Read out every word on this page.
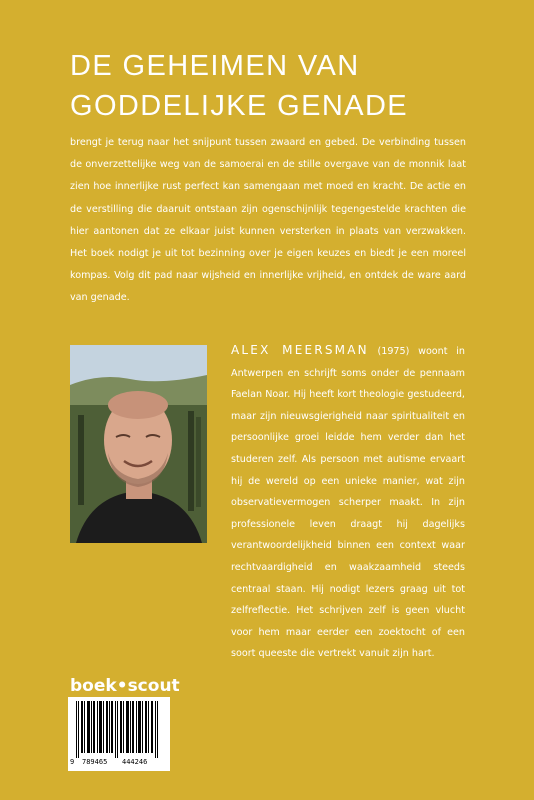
DE GEHEIMEN VAN
GODDELIJKE GENADE

brengt je terug naar het snijpunt tussen zwaard en gebed. De verbinding tussen de onverzettelijke weg van de samoerai en de stille overgave van de monnik laat zien hoe innerlijke rust perfect kan samengaan met moed en kracht. De actie en de verstilling die daaruit ontstaan zijn ogenschijnlijk tegengestelde krachten die hier aantonen dat ze elkaar juist kunnen versterken in plaats van verzwakken. Het boek nodigt je uit tot bezinning over je eigen keuzes en biedt je een moreel kompas. Volg dit pad naar wijsheid en innerlijke vrijheid, en ontdek de ware aard van genade.

ALEX MEERSMAN (1975) woont in Antwerpen en schrijft soms onder de pennaam Faelan Noar. Hij heeft kort theologie gestudeerd, maar zijn nieuwsgierigheid naar spiritualiteit en persoonlijke groei leidde hem verder dan het studeren zelf. Als persoon met autisme ervaart hij de wereld op een unieke manier, wat zijn observatievermogen scherper maakt. In zijn professionele leven draagt hij dagelijks verantwoordelijkheid binnen een context waar rechtvaardigheid en waakzaamheid steeds centraal staan. Hij nodigt lezers graag uit tot zelfreflectie. Het schrijven zelf is geen vlucht voor hem maar eerder een zoektocht of een soort queeste die vertrekt vanuit zijn hart.

boek•scout
9 789465 444246
